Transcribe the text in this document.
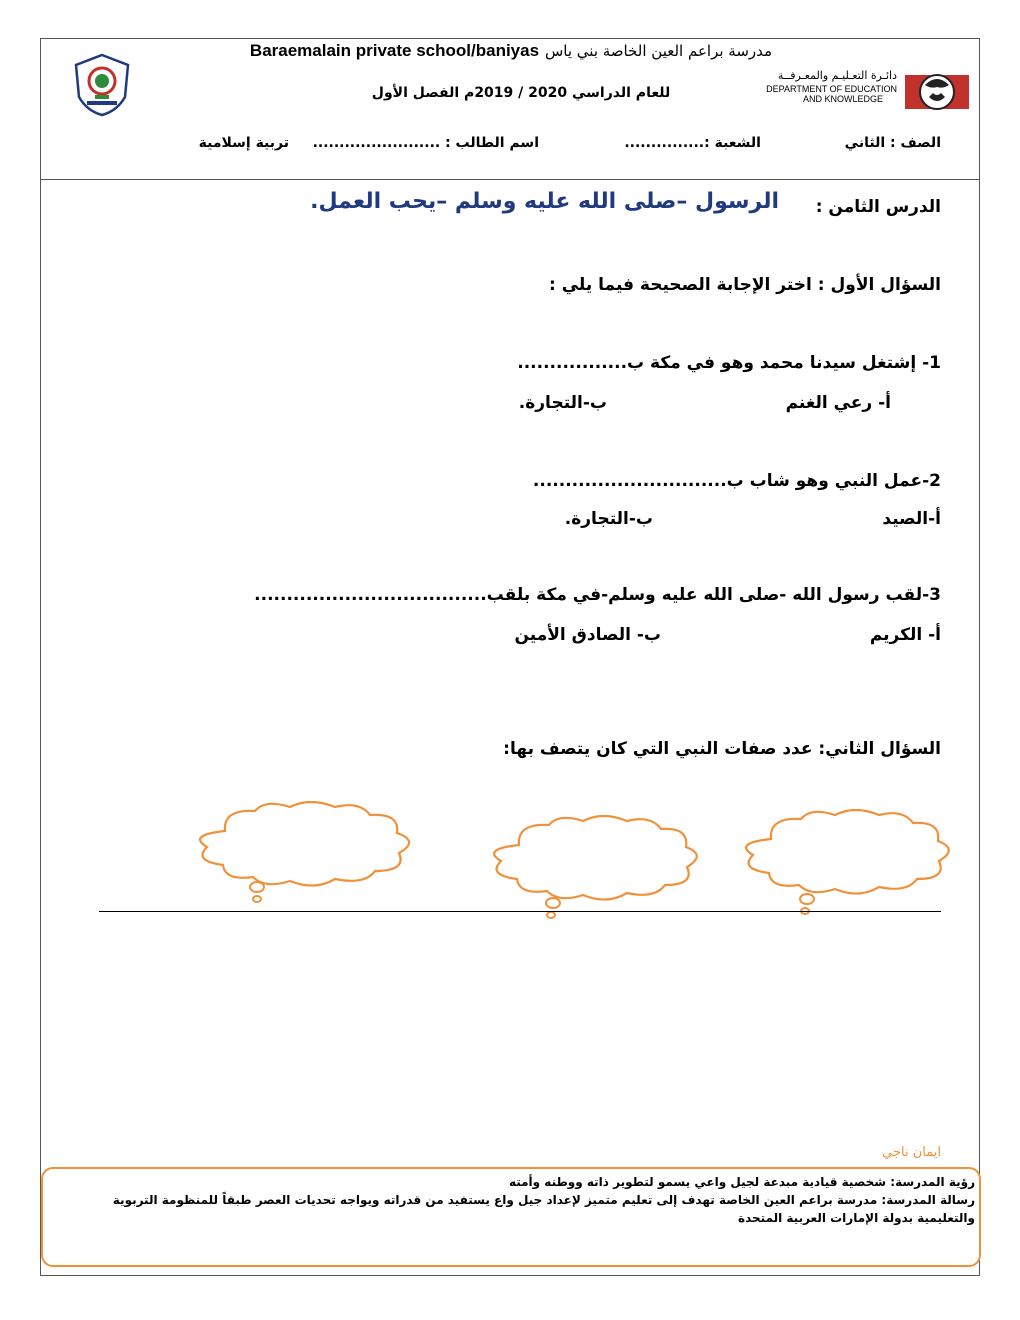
مدرسة براعم العين الخاصة بني ياس Baraemalain private school/baniyas
للعام الدراسي 2020 / 2019م الفصل الأول
دائـرة التعـليـم والمعـرفــة
DEPARTMENT OF EDUCATION
AND KNOWLEDGE
الصف : الثاني
الشعبة :...............
اسم الطالب : ........................
تربية إسلامية
الدرس الثامن :
الرسول –صلى الله عليه وسلم –يحب العمل.
السؤال الأول : اختر الإجابة الصحيحة فيما يلي :
1- إشتغل سيدنا محمد وهو في مكة ب.................
أ- رعي الغنم
ب-التجارة.
2-عمل النبي وهو شاب ب..............................
أ-الصيد
ب-التجارة.
3-لقب رسول الله -صلى الله عليه وسلم-في مكة بلقب....................................
أ- الكريم
ب- الصادق الأمين
السؤال الثاني: عدد صفات النبي التي كان يتصف بها:
ايمان ناجي
رؤية المدرسة: شخصية قيادية مبدعة لجيل واعي يسمو لتطوير ذاته ووطنه وأمته
رسالة المدرسة: مدرسة براعم العين الخاصة تهدف إلى تعليم متميز لإعداد جيل واع يستفيد من قدراته ويواجه تحديات العصر طبقاً للمنظومة التربوية والتعليمية بدولة الإمارات العربية المتحدة
